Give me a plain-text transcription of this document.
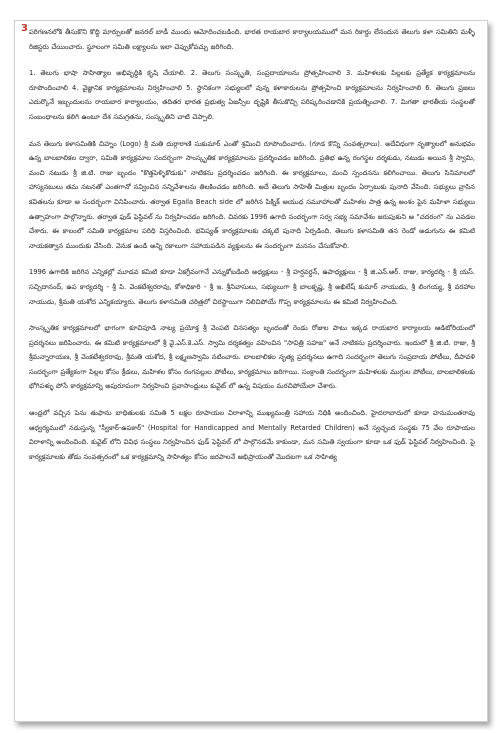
3 పరిగణనలోకి తీసుకొని కొద్ది మార్పులతో జనరల్ బాడీ ముందు ఆమోదించబడింది. భారత రాయబార కార్యాలయములో మన రికార్డు లేనందున తెలుగు కళా సమితిని మళ్ళీ రిజిస్టరు చేయించారు. స్థూలంగా సమితి లక్ష్యాలను ఇలా చెప్పుకోవచ్చు జరిగింది.

1. తెలుగు భాషా సాహిత్యాల అభివృద్ధికి కృషి చేయాలి. 2. తెలుగు సంస్కృతి, సంప్రదాయాలను ప్రోత్సహించాలి 3. మహిళలకు పిల్లలకు ప్రత్యేక కార్యక్రమాలను రూపొందించాలి 4. వైజ్ఞానిక కార్యక్రమాలను నిర్వహించాలి 5. స్థానికంగా సభ్యులలో వున్న కళాకారులను ప్రోత్సహించి కార్యక్రమాలను నిర్వహించాలి 6. తెలుగు ప్రజలు ఎదుర్కొనే ఇబ్బందులను రాయబార కార్యాలయం, తదితర భారత ప్రభుత్వ ఏజన్సీల దృష్టికి తీసుకొచ్చి పరిష్కరించడానికి ప్రయత్నించాలి. 7. మిగతా భారతీయ సంస్థలతో సంబంధాలను కలిగి ఉంటూ దేశ సమగ్రతను, సంస్కృతిని చాటి చెప్పాలి.

మన తెలుగు కళాసమితికి చిహ్నం (Logo) శ్రీ మతి దుర్గారాణి సుకుమార్ ఎంతో శ్రమించి రూపొందించారు. (గూడ కొన్ని సంవత్సరాలు). అదేవిధంగా నృత్యాలలో అనుభవం ఉన్న బాలబాలికల ద్వారా, సమితి కార్యక్రమాల సందర్భంగా సాంస్కృతిక కార్యక్రమాలను ప్రదర్శించడం జరిగింది. ప్రతిభ ఉన్న రంగస్థల దర్శకుడు, నటుడు అయిన శ్రీ స్వామి, మంచి నటుడు శ్రీ జి.టి. రాజు బృందం "కొత్తపెళ్ళికొడుకు" నాటికను ప్రదర్శించడం జరిగింది. ఈ కార్యక్రమాలు, మంచి స్పందనను కలిగించాయి. తెలుగు సినిమాలలో హాస్యనటులు తమ నటనతో ఎంతగానో నవ్వించిన సన్నివేశాలను తిలకించడం జరిగింది. అదే తెలుగు సాహితీ మిత్రుల బృందం ఏర్పాటుకు పునాది వేసింది. సభ్యులు వ్రాసిన కవితలను కూడా ఆ సందర్భంగా వినిపించారు. తర్వాత Egaila Beach side లో జరిగిన పిక్నిక్ ఆయుధ సమూహాలతో మహిళల పాత్ర ఉన్న అంశం పైన మహిళా సభ్యులు ఉత్సాహంగా పాల్గొన్నారు. తర్వాత ఫుడ్ ఫెస్టివల్ ను నిర్వహించడం జరిగింది. చివరకు 1996 ఉగాది సందర్భంగా సర్వ సభ్య సమావేశం జరుపుకుని ఆ "చదరంగ" ను ఎవడల చేశారు. ఈ కాలంలో సమితి కార్యక్రమాల పరిధి విస్తరించింది. భవిష్యత్ కార్యక్రమాలకు చక్కటి పునాది ఏర్పడింది. తెలుగు కళాసమితి తన రెండో అడుగును ఈ కమిటి నాయకత్వాన ముందుకు వేసింది. వెనుక ఉండి అన్ని రకాలుగా సహాయపడిన వ్యక్తులను ఈ సందర్భంగా మననం చేసుకోవాలి.

1996 ఉగాదికి జరిగిన ఎన్నికల్లో మూడవ కమిటి కూడా ఏకగ్రీవంగానే ఎన్నుకోబడింది అధ్యక్షులు - శ్రీ హర్షవర్ధన్, ఉపాధ్యక్షులు - శ్రీ జి.ఎన్.ఆర్. రాజు, కార్యదర్శి - శ్రీ యస్. సచ్చిదానంద్, ఉప కార్యదర్శి - శ్రీ పి. వెంకటేశ్వరరావు, కోశాధికారి - శ్రీ ఇ. శ్రీనివాసులు, సభ్యులుగా శ్రీ బాలకృష్ణ, శ్రీ అఖిలేష్ కుమార్ నాయుడు, శ్రీ లింగయ్య, శ్రీ వరహాల నాయుడు, శ్రీమతి యశోద ఎన్నికయ్యారు. తెలుగు కళాసమితి చరిత్రలో చిరస్థాయిగా నిలిచిపోయే గొప్ప కార్యక్రమాలను ఈ కమిటి నిర్వహించింది.

సాంస్కృతిక కార్యక్రమాలలో భాగంగా కూచిపూడి నాట్య ప్రయోక్త శ్రీ వెంపటి చినసత్యం బృందంతో రెండు రోజుల పాటు ఇక్కడ రాయబార కార్యాలయ ఆడిటోరియంలో ప్రదర్శనలు జరిపించారు. ఈ కమిటి కార్యక్రమాలలో శ్రీ వై.ఎస్.కె.ఎస్. స్వామి దర్శకత్వం వహించిన "సావిత్రి సహజ" అనే నాటికను ప్రదర్శించారు. ఇందులో శ్రీ జి.టి. రాజు, శ్రీ శ్రీమన్నారాయణ, శ్రీ వెంకటేశ్వరరావు, శ్రీమతి యశోద, శ్రీ లక్ష్మణస్వామి నటించారు. బాలబాలికల నృత్య ప్రదర్శనలు ఉగాది సందర్భంగా తెలుగు సంప్రదాయ పోటీలు, దీపావళి సందర్భంగా ప్రత్యేకంగా పిల్లల కోసం క్రీడలు, మహిళల కోసం రంగవల్లుల పోటీలు, కార్యక్రమాలు జరిగాయి. సంక్రాంతి సందర్భంగా మహిళలకు ముగ్గుల పోటీలు, బాలబాలికలకు భోగిపళ్ళు పోసే కార్యక్రమాన్ని అపురూపంగా నిర్వహించి ప్రవాసాంధ్రులు కువైట్ లో ఉన్న విషయం మరచిపోయేలా చేశారు.

ఆంధ్రలో వచ్చిన పెను తుఫాను బాధితులకు సమితి 5 లక్షల రూపాయల విరాళాన్ని ముఖ్యమంత్రి సహాయ నిధికి అందించింది. హైదరాబాదులో కూడా హనుమంతరావు ఆధ్వర్యములో నడుస్తున్న "స్వీకార్-ఉపకార్" (Hospital for Handicapped and Mentally Retarded Children) అనే స్వచ్ఛంద సంస్థకు 75 వేల రూపాయల విరాళాన్ని అందించింది. కువైట్ లోని వివిధ సంస్థలు నిర్వహించిన ఫుడ్ ఫెస్టివల్ లో పాల్గొనడమే కాకుండా, మన సమితి స్వయంగా కూడా ఒక ఫుడ్ ఫెస్టివల్ నిర్వహించింది. పై కార్యక్రమాలకు తోడు సంవత్సరంలో ఒక కార్యక్రమాన్ని సాహిత్యం కోసం జరపాలనే అభిప్రాయంతో మొదటగా ఒక సాహిత్య
